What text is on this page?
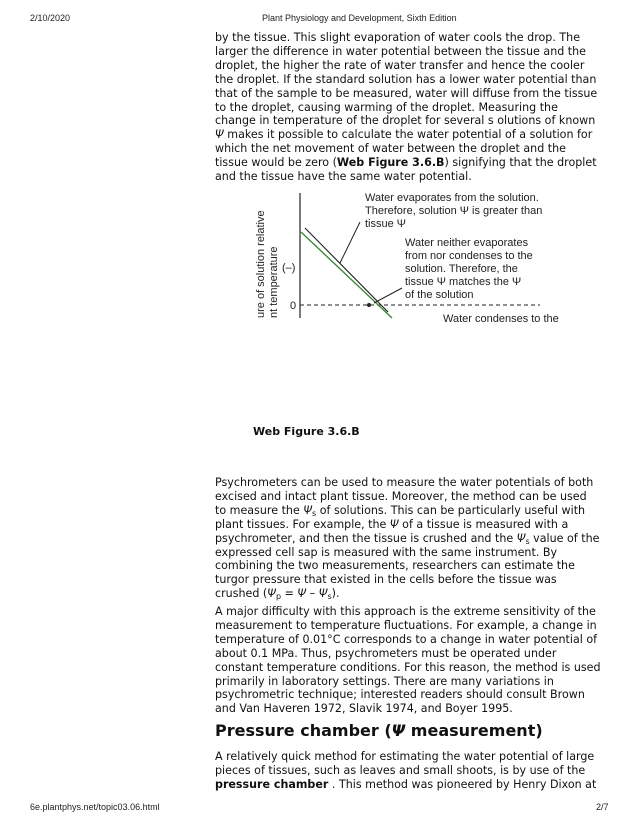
2/10/2020	Plant Physiology and Development, Sixth Edition

by the tissue. This slight evaporation of water cools the drop. The larger the difference in water potential between the tissue and the droplet, the higher the rate of water transfer and hence the cooler the droplet. If the standard solution has a lower water potential than that of the sample to be measured, water will diffuse from the tissue to the droplet, causing warming of the droplet. Measuring the change in temperature of the droplet for several s olutions of known Ψ makes it possible to calculate the water potential of a solution for which the net movement of water between the droplet and the tissue would be zero (Web Figure 3.6.B) signifying that the droplet and the tissue have the same water potential.

ure of solution relative nt temperature (–)
0
Water evaporates from the solution.
Therefore, solution Ψ is greater than
tissue Ψ
Water neither evaporates
from nor condenses to the
solution. Therefore, the
tissue Ψ matches the Ψ
of the solution
Water condenses to the
Web Figure 3.6.B

Psychrometers can be used to measure the water potentials of both excised and intact plant tissue. Moreover, the method can be used to measure the $\Psi_s$ of solutions. This can be particularly useful with plant tissues. For example, the Ψ of a tissue is measured with a psychrometer, and then the tissue is crushed and the $\Psi_s$ value of the expressed cell sap is measured with the same instrument. By combining the two measurements, researchers can estimate the turgor pressure that existed in the cells before the tissue was crushed $(\Psi_p = \Psi - \Psi_s)$.

A major difficulty with this approach is the extreme sensitivity of the measurement to temperature fluctuations. For example, a change in temperature of 0.01°C corresponds to a change in water potential of about 0.1 MPa. Thus, psychrometers must be operated under constant temperature conditions. For this reason, the method is used primarily in laboratory settings. There are many variations in psychrometric technique; interested readers should consult Brown and Van Haveren 1972, Slavik 1974, and Boyer 1995.

Pressure chamber (Ψ measurement)

A relatively quick method for estimating the water potential of large pieces of tissues, such as leaves and small shoots, is by use of the pressure chamber . This method was pioneered by Henry Dixon at

6e.plantphys.net/topic03.06.html	2/7
